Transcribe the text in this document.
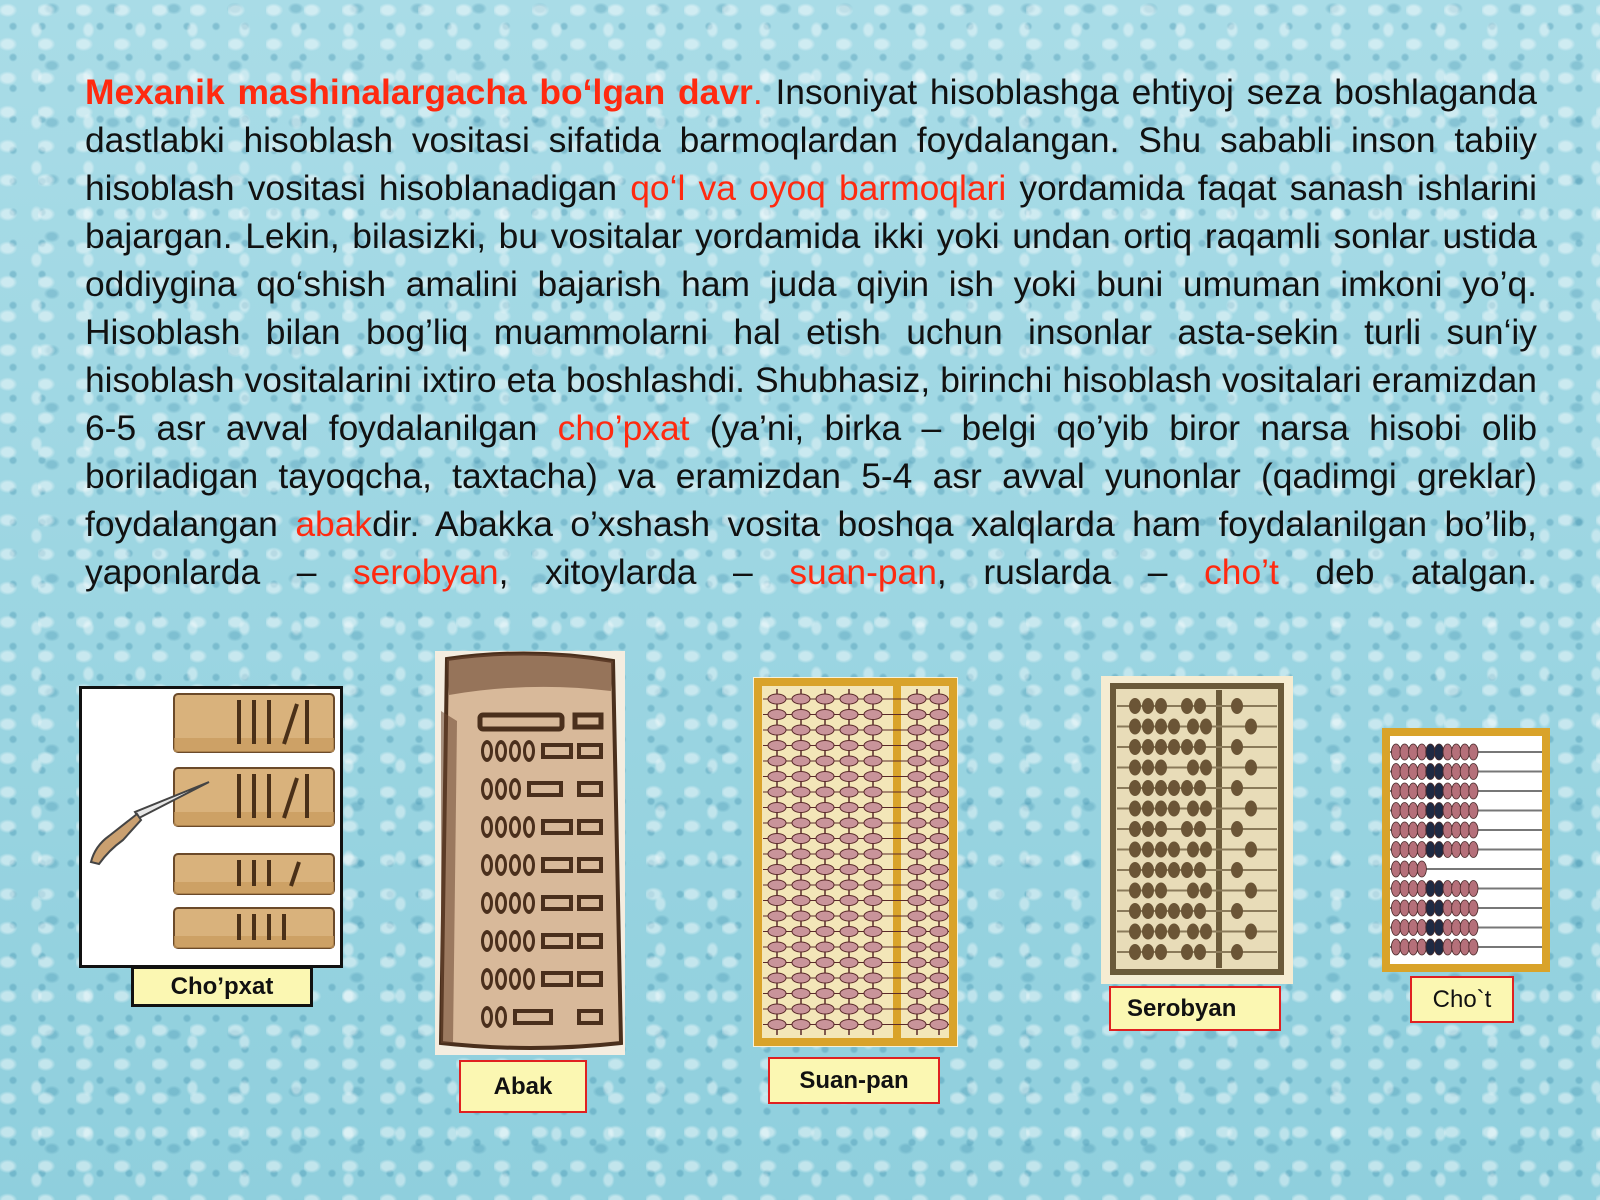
Mexanik mashinalargacha bo‘lgan davr. Insoniyat hisoblashga ehtiyoj seza boshlaganda dastlabki hisoblash vositasi sifatida barmoqlardan foydalangan. Shu sababli inson tabiiy hisoblash vositasi hisoblanadigan qo‘l va oyoq barmoqlari yordamida faqat sanash ishlarini bajargan. Lekin, bilasizki, bu vositalar yordamida ikki yoki undan ortiq raqamli sonlar ustida oddiygina qo‘shish amalini bajarish ham juda qiyin ish yoki buni umuman imkoni yo’q. Hisoblash bilan bog’liq muammolarni hal etish uchun insonlar asta-sekin turli sun‘iy hisoblash vositalarini ixtiro eta boshlashdi. Shubhasiz, birinchi hisoblash vositalari eramizdan 6-5 asr avval foydalanilgan cho’pxat (ya’ni, birka – belgi qo’yib biror narsa hisobi olib boriladigan tayoqcha, taxtacha) va eramizdan 5-4 asr avval yunonlar (qadimgi greklar) foydalangan abakdir. Abakka o’xshash vosita boshqa xalqlarda ham foydalanilgan bo’lib, yaponlarda – serobyan, xitoylarda – suan-pan, ruslarda – cho’t deb atalgan.

Cho’pxat
Abak	Suan-pan
Serobyan	Cho`t
